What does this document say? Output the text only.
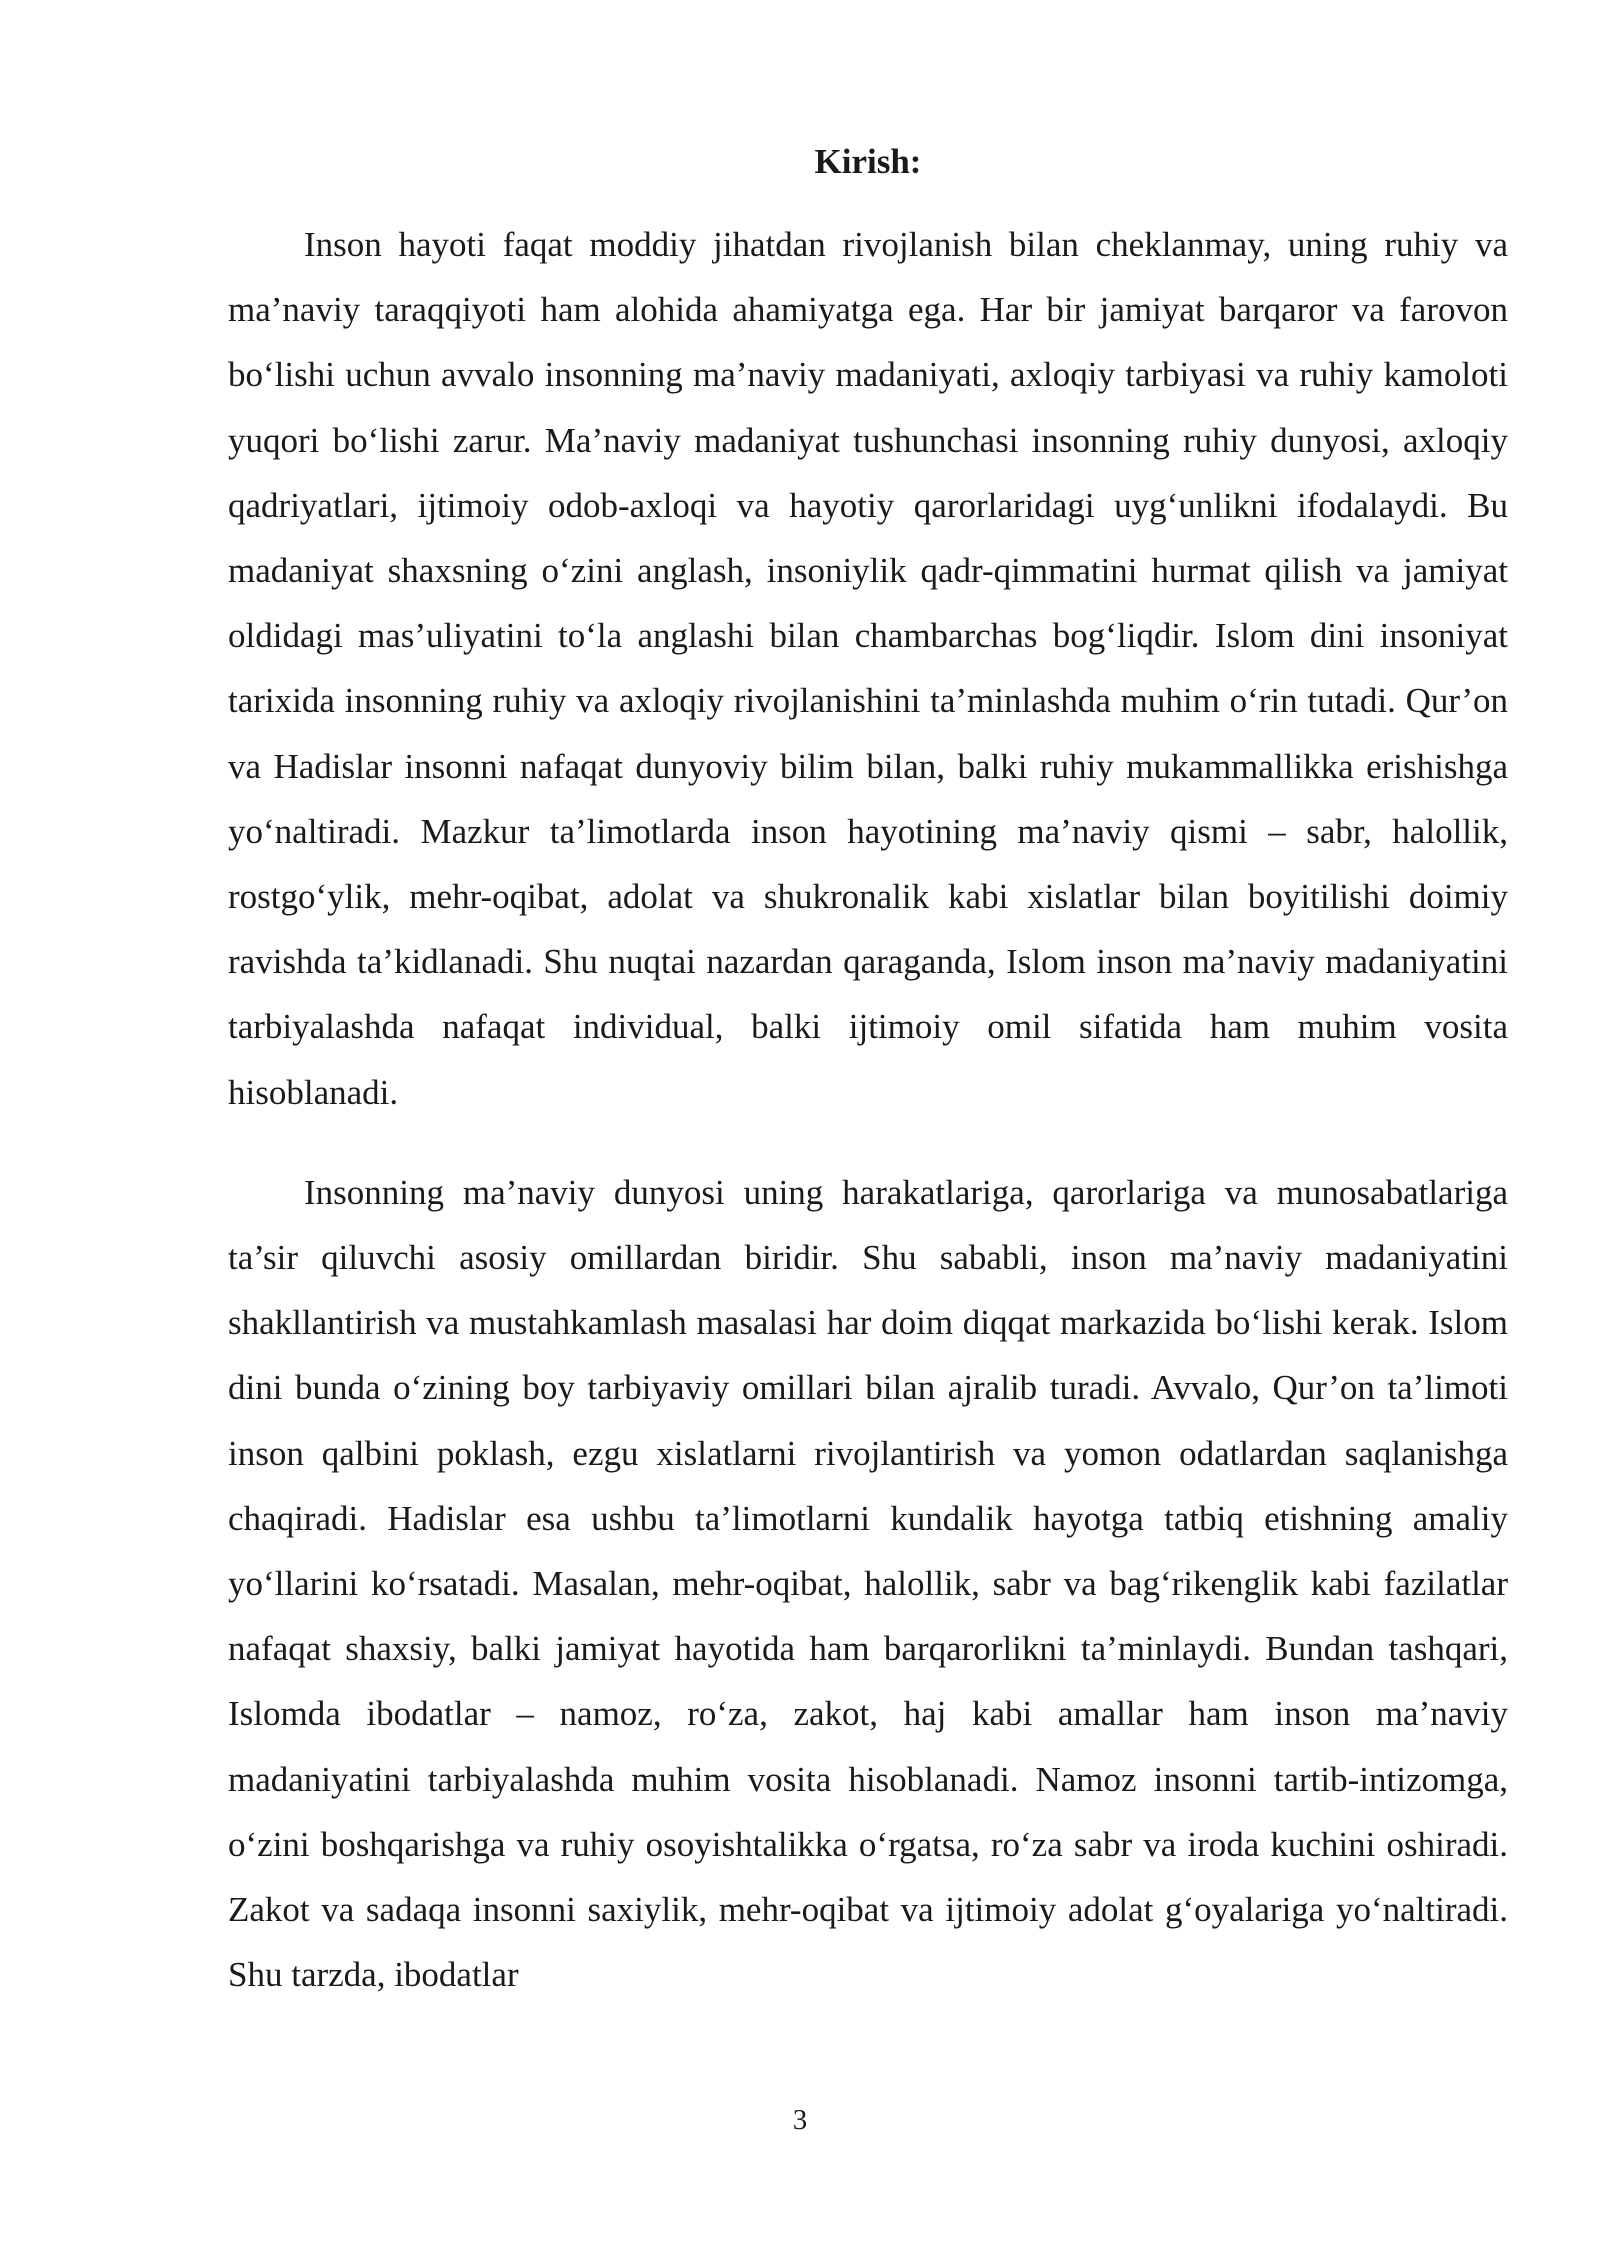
Kirish:

Inson hayoti faqat moddiy jihatdan rivojlanish bilan cheklanmay, uning ruhiy va ma’naviy taraqqiyoti ham alohida ahamiyatga ega. Har bir jamiyat barqaror va farovon bo‘lishi uchun avvalo insonning ma’naviy madaniyati, axloqiy tarbiyasi va ruhiy kamoloti yuqori bo‘lishi zarur. Ma’naviy madaniyat tushunchasi insonning ruhiy dunyosi, axloqiy qadriyatlari, ijtimoiy odob-axloqi va hayotiy qarorlaridagi uyg‘unlikni ifodalaydi. Bu madaniyat shaxsning o‘zini anglash, insoniylik qadr-qimmatini hurmat qilish va jamiyat oldidagi mas’uliyatini to‘la anglashi bilan chambarchas bog‘liqdir. Islom dini insoniyat tarixida insonning ruhiy va axloqiy rivojlanishini ta’minlashda muhim o‘rin tutadi. Qur’on va Hadislar insonni nafaqat dunyoviy bilim bilan, balki ruhiy mukammallikka erishishga yo‘naltiradi. Mazkur ta’limotlarda inson hayotining ma’naviy qismi – sabr, halollik, rostgo‘ylik, mehr-oqibat, adolat va shukronalik kabi xislatlar bilan boyitilishi doimiy ravishda ta’kidlanadi. Shu nuqtai nazardan qaraganda, Islom inson ma’naviy madaniyatini tarbiyalashda nafaqat individual, balki ijtimoiy omil sifatida ham muhim vosita hisoblanadi.

Insonning ma’naviy dunyosi uning harakatlariga, qarorlariga va munosabatlariga ta’sir qiluvchi asosiy omillardan biridir. Shu sababli, inson ma’naviy madaniyatini shakllantirish va mustahkamlash masalasi har doim diqqat markazida bo‘lishi kerak. Islom dini bunda o‘zining boy tarbiyaviy omillari bilan ajralib turadi. Avvalo, Qur’on ta’limoti inson qalbini poklash, ezgu xislatlarni rivojlantirish va yomon odatlardan saqlanishga chaqiradi. Hadislar esa ushbu ta’limotlarni kundalik hayotga tatbiq etishning amaliy yo‘llarini ko‘rsatadi. Masalan, mehr-oqibat, halollik, sabr va bag‘rikenglik kabi fazilatlar nafaqat shaxsiy, balki jamiyat hayotida ham barqarorlikni ta’minlaydi. Bundan tashqari, Islomda ibodatlar – namoz, ro‘za, zakot, haj kabi amallar ham inson ma’naviy madaniyatini tarbiyalashda muhim vosita hisoblanadi. Namoz insonni tartib-intizomga, o‘zini boshqarishga va ruhiy osoyishtalikka o‘rgatsa, ro‘za sabr va iroda kuchini oshiradi. Zakot va sadaqa insonni saxiylik, mehr-oqibat va ijtimoiy adolat g‘oyalariga yo‘naltiradi. Shu tarzda, ibodatlar

3
